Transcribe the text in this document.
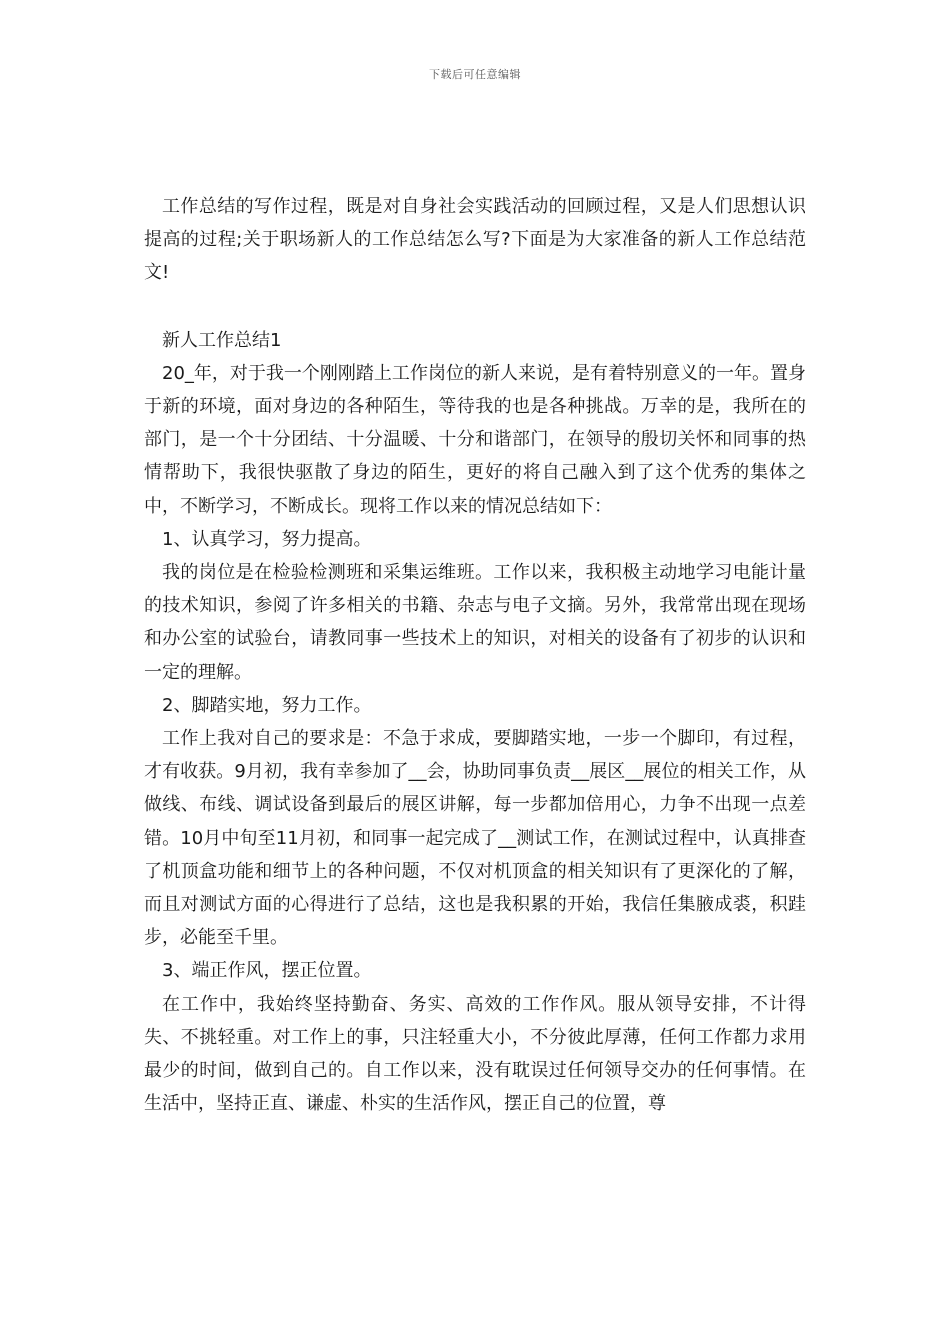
下载后可任意编辑

工作总结的写作过程，既是对自身社会实践活动的回顾过程，又是人们思想认识提高的过程;关于职场新人的工作总结怎么写?下面是为大家准备的新人工作总结范文!

新人工作总结1

20_年，对于我一个刚刚踏上工作岗位的新人来说，是有着特别意义的一年。置身于新的环境，面对身边的各种陌生，等待我的也是各种挑战。万幸的是，我所在的部门，是一个十分团结、十分温暖、十分和谐部门，在领导的殷切关怀和同事的热情帮助下，我很快驱散了身边的陌生，更好的将自己融入到了这个优秀的集体之中，不断学习，不断成长。现将工作以来的情况总结如下：

1、认真学习，努力提高。

我的岗位是在检验检测班和采集运维班。工作以来，我积极主动地学习电能计量的技术知识，参阅了许多相关的书籍、杂志与电子文摘。另外，我常常出现在现场和办公室的试验台，请教同事一些技术上的知识，对相关的设备有了初步的认识和一定的理解。

2、脚踏实地，努力工作。

工作上我对自己的要求是：不急于求成，要脚踏实地，一步一个脚印，有过程，才有收获。9月初，我有幸参加了__会，协助同事负责__展区__展位的相关工作，从做线、布线、调试设备到最后的展区讲解，每一步都加倍用心，力争不出现一点差错。10月中旬至11月初，和同事一起完成了__测试工作，在测试过程中，认真排查了机顶盒功能和细节上的各种问题，不仅对机顶盒的相关知识有了更深化的了解，而且对测试方面的心得进行了总结，这也是我积累的开始，我信任集腋成裘，积跬步，必能至千里。

3、端正作风，摆正位置。

在工作中，我始终坚持勤奋、务实、高效的工作作风。服从领导安排，不计得失、不挑轻重。对工作上的事，只注轻重大小，不分彼此厚薄，任何工作都力求用最少的时间，做到自己的。自工作以来，没有耽误过任何领导交办的任何事情。在生活中，坚持正直、谦虚、朴实的生活作风，摆正自己的位置，尊
